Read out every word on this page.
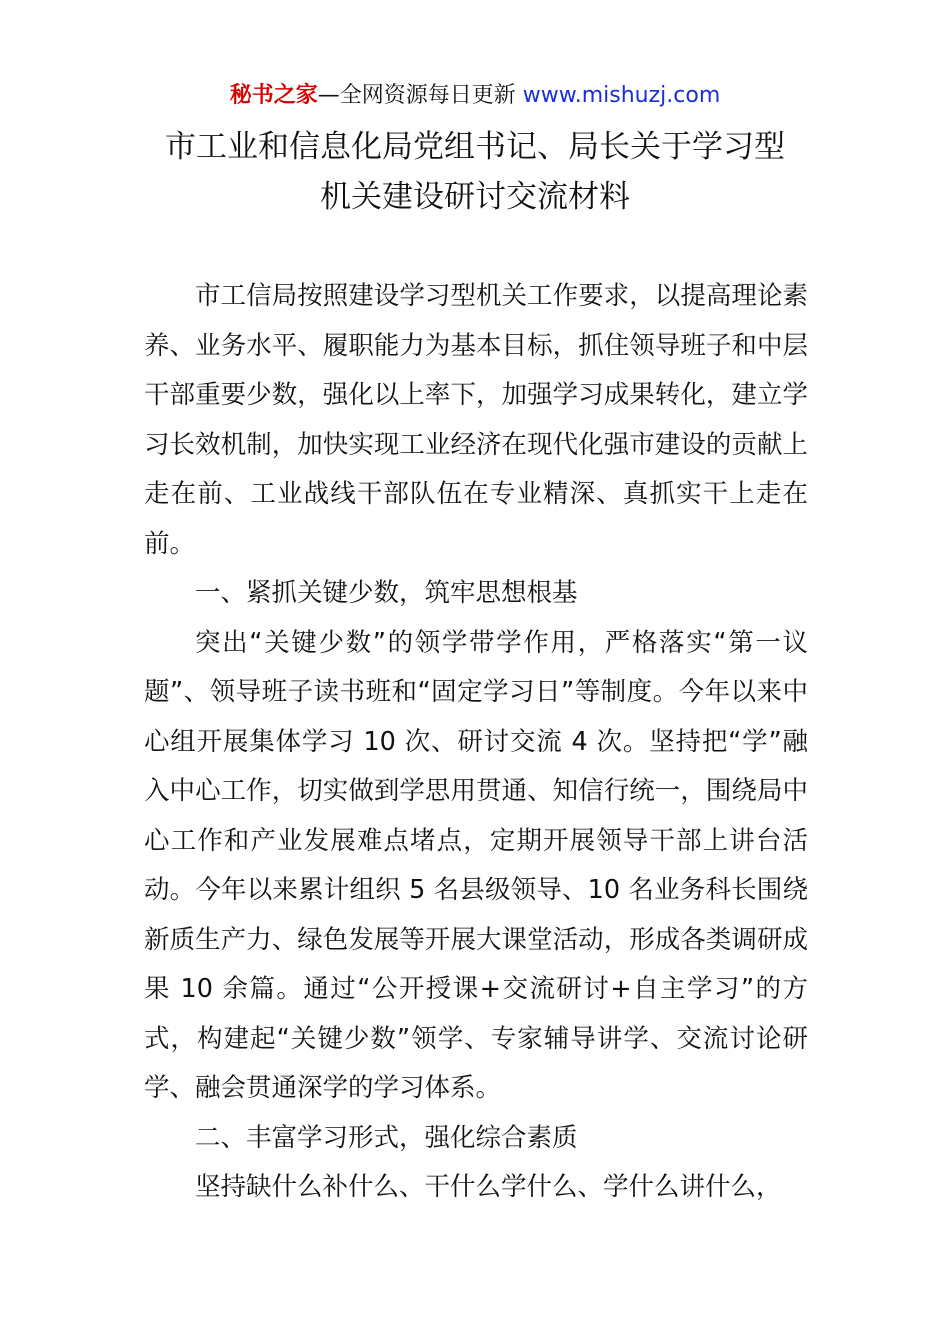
秘书之家—全网资源每日更新 www.mishuzj.com
市工业和信息化局党组书记、局长关于学习型
机关建设研讨交流材料

市工信局按照建设学习型机关工作要求，以提高理论素养、业务水平、履职能力为基本目标，抓住领导班子和中层干部重要少数，强化以上率下，加强学习成果转化，建立学习长效机制，加快实现工业经济在现代化强市建设的贡献上走在前、工业战线干部队伍在专业精深、真抓实干上走在前。

一、紧抓关键少数，筑牢思想根基

突出“关键少数”的领学带学作用，严格落实“第一议题”、领导班子读书班和“固定学习日”等制度。今年以来中心组开展集体学习 10 次、研讨交流 4 次。坚持把“学”融入中心工作，切实做到学思用贯通、知信行统一，围绕局中心工作和产业发展难点堵点，定期开展领导干部上讲台活动。今年以来累计组织 5 名县级领导、10 名业务科长围绕新质生产力、绿色发展等开展大课堂活动，形成各类调研成果 10 余篇。通过“公开授课+交流研讨+自主学习”的方式，构建起“关键少数”领学、专家辅导讲学、交流讨论研学、融会贯通深学的学习体系。

二、丰富学习形式，强化综合素质

坚持缺什么补什么、干什么学什么、学什么讲什么，
